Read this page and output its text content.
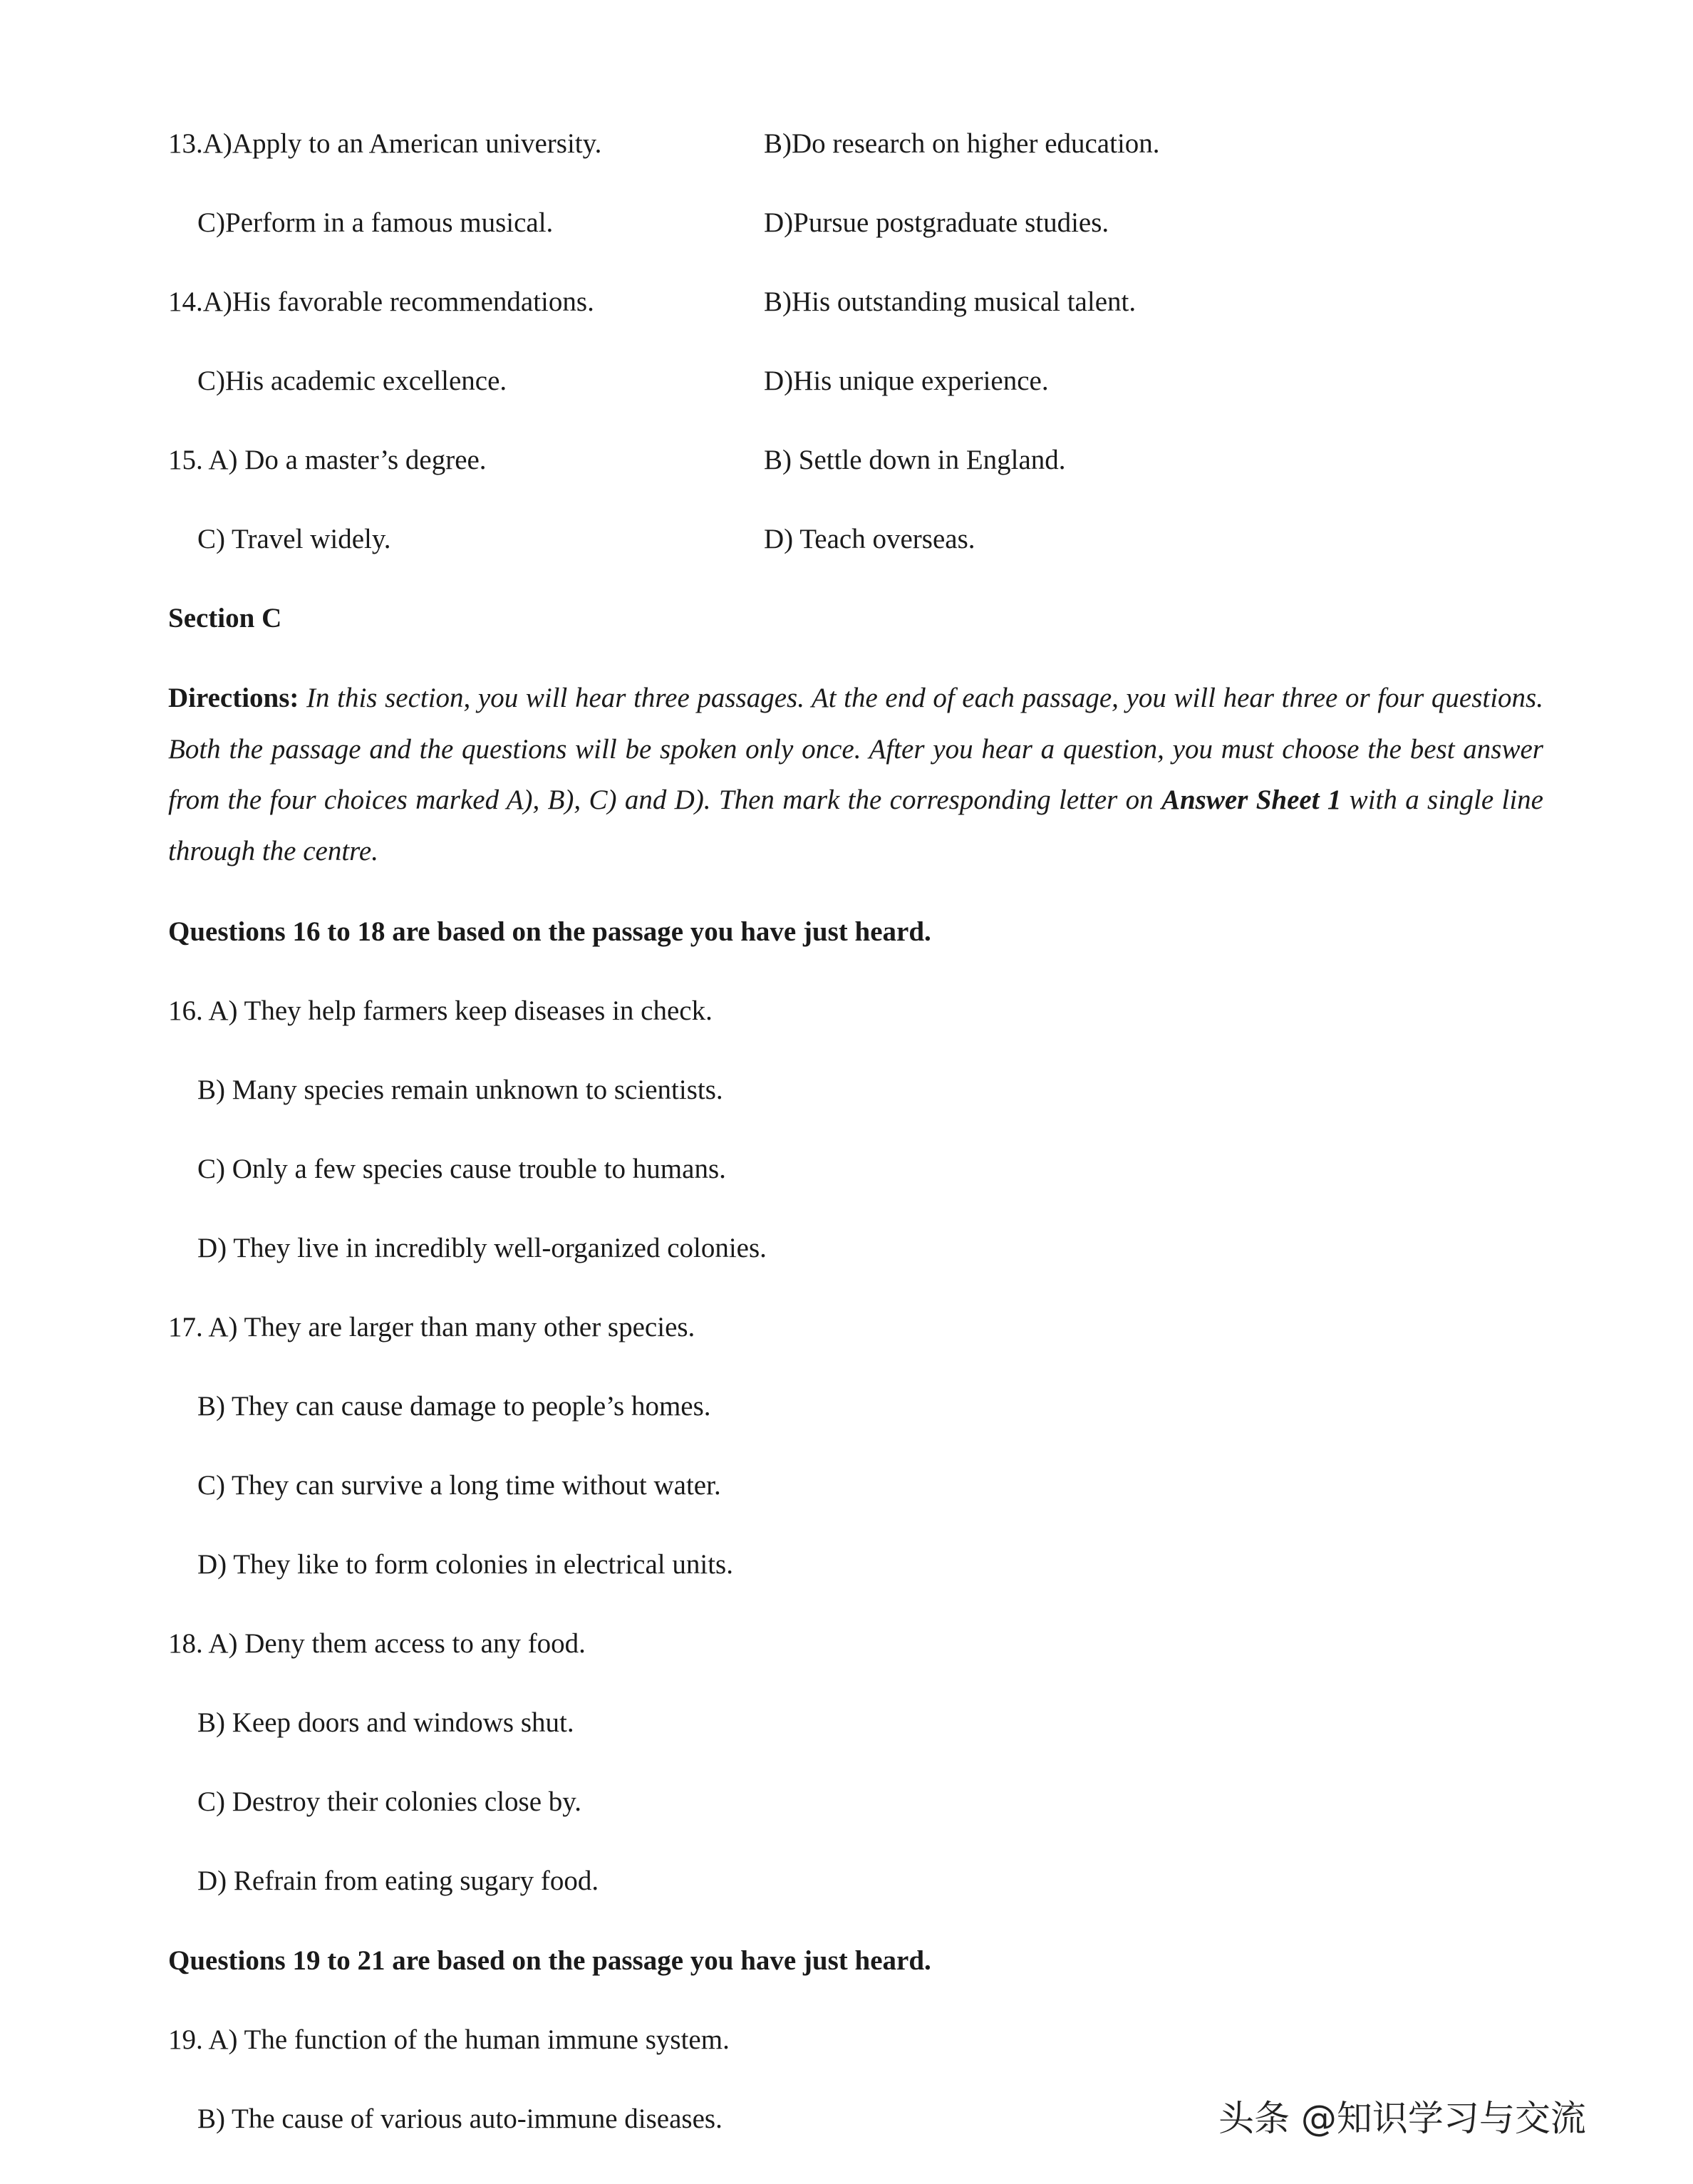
13.A)Apply to an American university.	B)Do research on higher education.
C)Perform in a famous musical.	D)Pursue postgraduate studies.
14.A)His favorable recommendations.	B)His outstanding musical talent.
C)His academic excellence.	D)His unique experience.
15. A) Do a master’s degree.	B) Settle down in England.
C) Travel widely.	D) Teach overseas.
Section C
Directions: In this section, you will hear three passages. At the end of each passage, you will hear three or four questions. Both the passage and the questions will be spoken only once. After you hear a question, you must choose the best answer from the four choices marked A), B), C) and D). Then mark the corresponding letter on Answer Sheet 1 with a single line through the centre.
Questions 16 to 18 are based on the passage you have just heard.
16. A) They help farmers keep diseases in check.
B) Many species remain unknown to scientists.
C) Only a few species cause trouble to humans.
D) They live in incredibly well-organized colonies.
17. A) They are larger than many other species.
B) They can cause damage to people’s homes.
C) They can survive a long time without water.
D) They like to form colonies in electrical units.
18. A) Deny them access to any food.
B) Keep doors and windows shut.
C) Destroy their colonies close by.
D) Refrain from eating sugary food.
Questions 19 to 21 are based on the passage you have just heard.
19. A) The function of the human immune system.
B) The cause of various auto-immune diseases.	头条 @知识学习与交流
